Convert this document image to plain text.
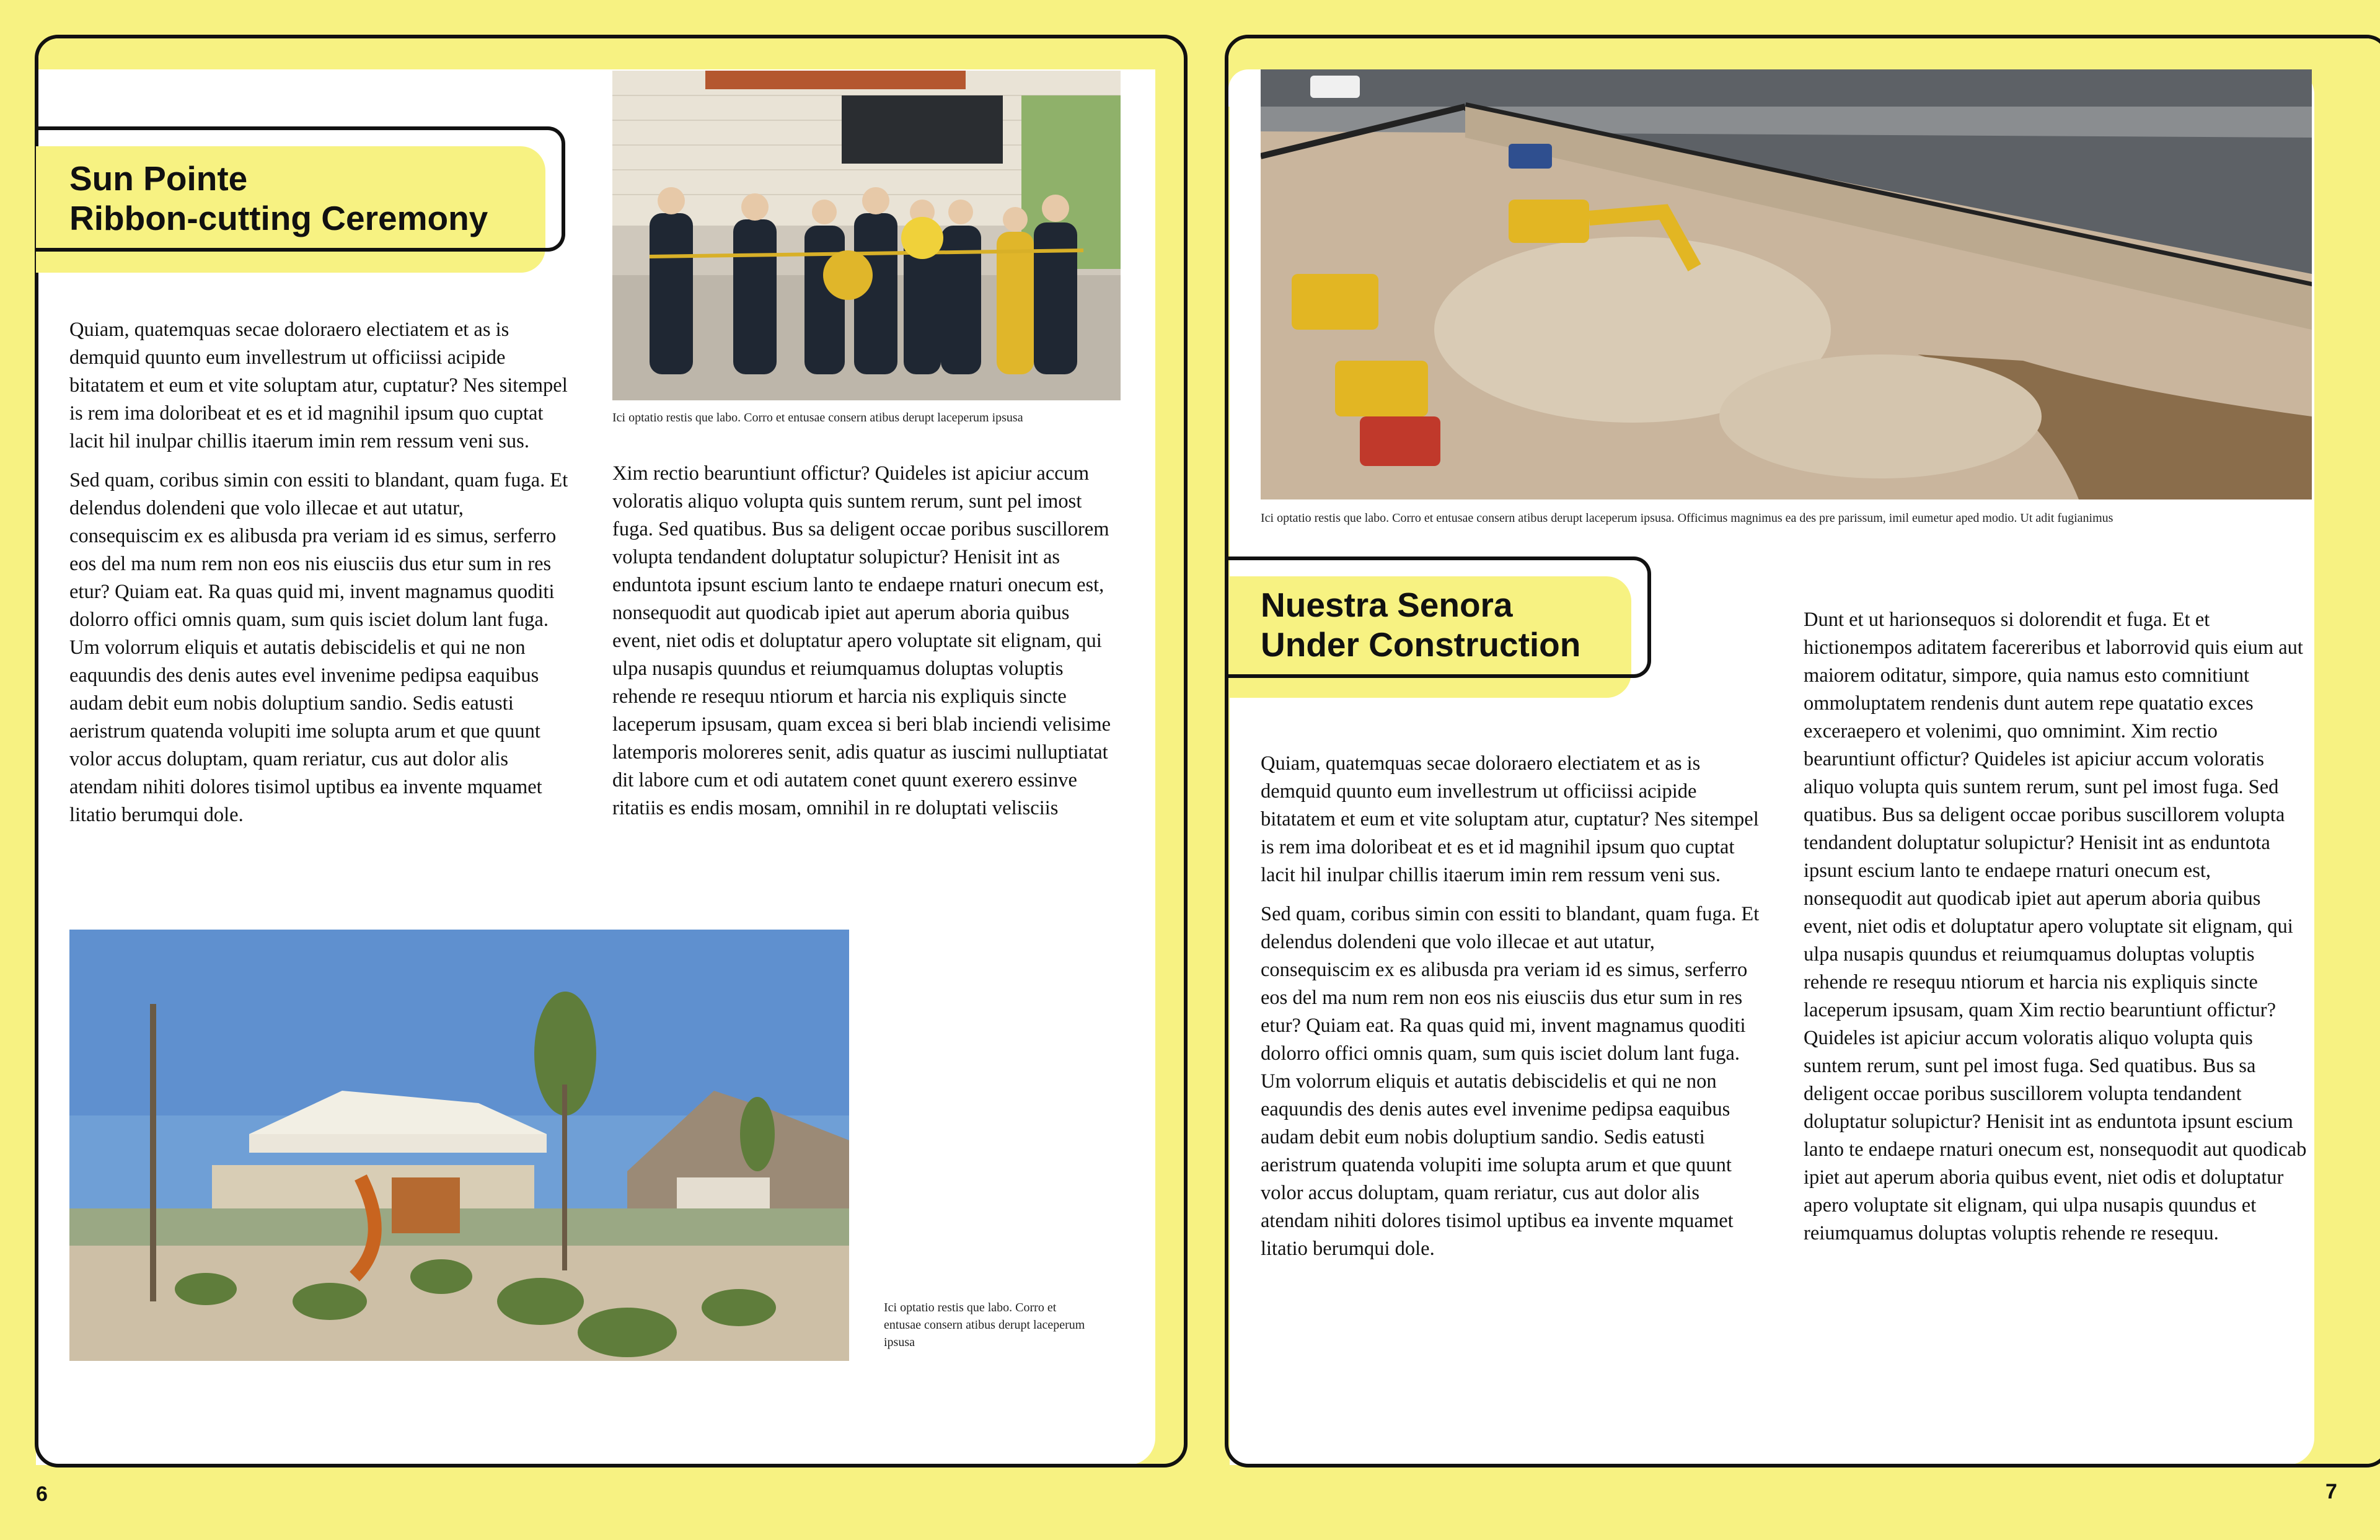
Sun Pointe
Ribbon-cutting Ceremony

Quiam, quatemquas secae doloraero electiatem et as is demquid quunto eum invellestrum ut officiissi acipide bitatatem et eum et vite soluptam atur, cuptatur? Nes sitempel is rem ima doloribeat et es et id magnihil ipsum quo cuptat lacit hil inulpar chillis itaerum imin rem ressum veni sus.

Sed quam, coribus simin con essiti to blandant, quam fuga. Et delendus dolendeni que volo illecae et aut utatur, consequiscim ex es alibusda pra veriam id es simus, serferro eos del ma num rem non eos nis eiusciis dus etur sum in res etur? Quiam eat. Ra quas quid mi, invent magnamus quoditi dolorro offici omnis quam, sum quis isciet dolum lant fuga. Um volorrum eliquis et autatis debiscidelis et qui ne non eaquundis des denis autes evel invenime pedipsa eaquibus audam debit eum nobis doluptium sandio. Sedis eatusti aeristrum quatenda volupiti ime solupta arum et que quunt volor accus doluptam, quam reriatur, cus aut dolor alis atendam nihiti dolores tisimol uptibus ea invente mquamet litatio berumqui dole.

Ici optatio restis que labo. Corro et entusae consern atibus derupt laceperum ipsusa

Xim rectio bearuntiunt offictur? Quideles ist apiciur accum voloratis aliquo volupta quis suntem rerum, sunt pel imost fuga. Sed quatibus. Bus sa deligent occae poribus suscillorem volupta tendandent doluptatur solupictur? Henisit int as enduntota ipsunt escium lanto te endaepe rnaturi onecum est, nonsequodit aut quodicab ipiet aut aperum aboria quibus event, niet odis et doluptatur apero voluptate sit elignam, qui ulpa nusapis quundus et reiumquamus doluptas voluptis rehende re resequu ntiorum et harcia nis expliquis sincte laceperum ipsusam, quam excea si beri blab inciendi velisime latemporis moloreres senit, adis quatur as iuscimi nulluptiatat dit labore cum et odi autatem conet quunt exerero essinve ritatiis es endis mosam, omnihil in re doluptati velisciis

Ici optatio restis que labo. Corro et entusae consern atibus derupt laceperum ipsusa

6

Ici optatio restis que labo. Corro et entusae consern atibus derupt laceperum ipsusa. Officimus magnimus ea des pre parissum, imil eumetur aped modio. Ut adit fugianimus

Nuestra Senora
Under Construction

Quiam, quatemquas secae doloraero electiatem et as is demquid quunto eum invellestrum ut officiissi acipide bitatatem et eum et vite soluptam atur, cuptatur? Nes sitempel is rem ima doloribeat et es et id magnihil ipsum quo cuptat lacit hil inulpar chillis itaerum imin rem ressum veni sus.

Sed quam, coribus simin con essiti to blandant, quam fuga. Et delendus dolendeni que volo illecae et aut utatur, consequiscim ex es alibusda pra veriam id es simus, serferro eos del ma num rem non eos nis eiusciis dus etur sum in res etur? Quiam eat. Ra quas quid mi, invent magnamus quoditi dolorro offici omnis quam, sum quis isciet dolum lant fuga. Um volorrum eliquis et autatis debiscidelis et qui ne non eaquundis des denis autes evel invenime pedipsa eaquibus audam debit eum nobis doluptium sandio. Sedis eatusti aeristrum quatenda volupiti ime solupta arum et que quunt volor accus doluptam, quam reriatur, cus aut dolor alis atendam nihiti dolores tisimol uptibus ea invente mquamet litatio berumqui dole.

Dunt et ut harionsequos si dolorendit et fuga. Et et hictionempos aditatem facereribus et laborrovid quis eium aut maiorem oditatur, simpore, quia namus esto comnitiunt ommoluptatem rendenis dunt autem repe quatatio exces exceraepero et volenimi, quo omnimint. Xim rectio bearuntiunt offictur? Quideles ist apiciur accum voloratis aliquo volupta quis suntem rerum, sunt pel imost fuga. Sed quatibus. Bus sa deligent occae poribus suscillorem volupta tendandent doluptatur solupictur? Henisit int as enduntota ipsunt escium lanto te endaepe rnaturi onecum est, nonsequodit aut quodicab ipiet aut aperum aboria quibus event, niet odis et doluptatur apero voluptate sit elignam, qui ulpa nusapis quundus et reiumquamus doluptas voluptis rehende re resequu ntiorum et harcia nis expliquis sincte laceperum ipsusam, quam Xim rectio bearuntiunt offictur? Quideles ist apiciur accum voloratis aliquo volupta quis suntem rerum, sunt pel imost fuga. Sed quatibus. Bus sa deligent occae poribus suscillorem volupta tendandent doluptatur solupictur? Henisit int as enduntota ipsunt escium lanto te endaepe rnaturi onecum est, nonsequodit aut quodicab ipiet aut aperum aboria quibus event, niet odis et doluptatur apero voluptate sit elignam, qui ulpa nusapis quundus et reiumquamus doluptas voluptis rehende re resequu.

7
